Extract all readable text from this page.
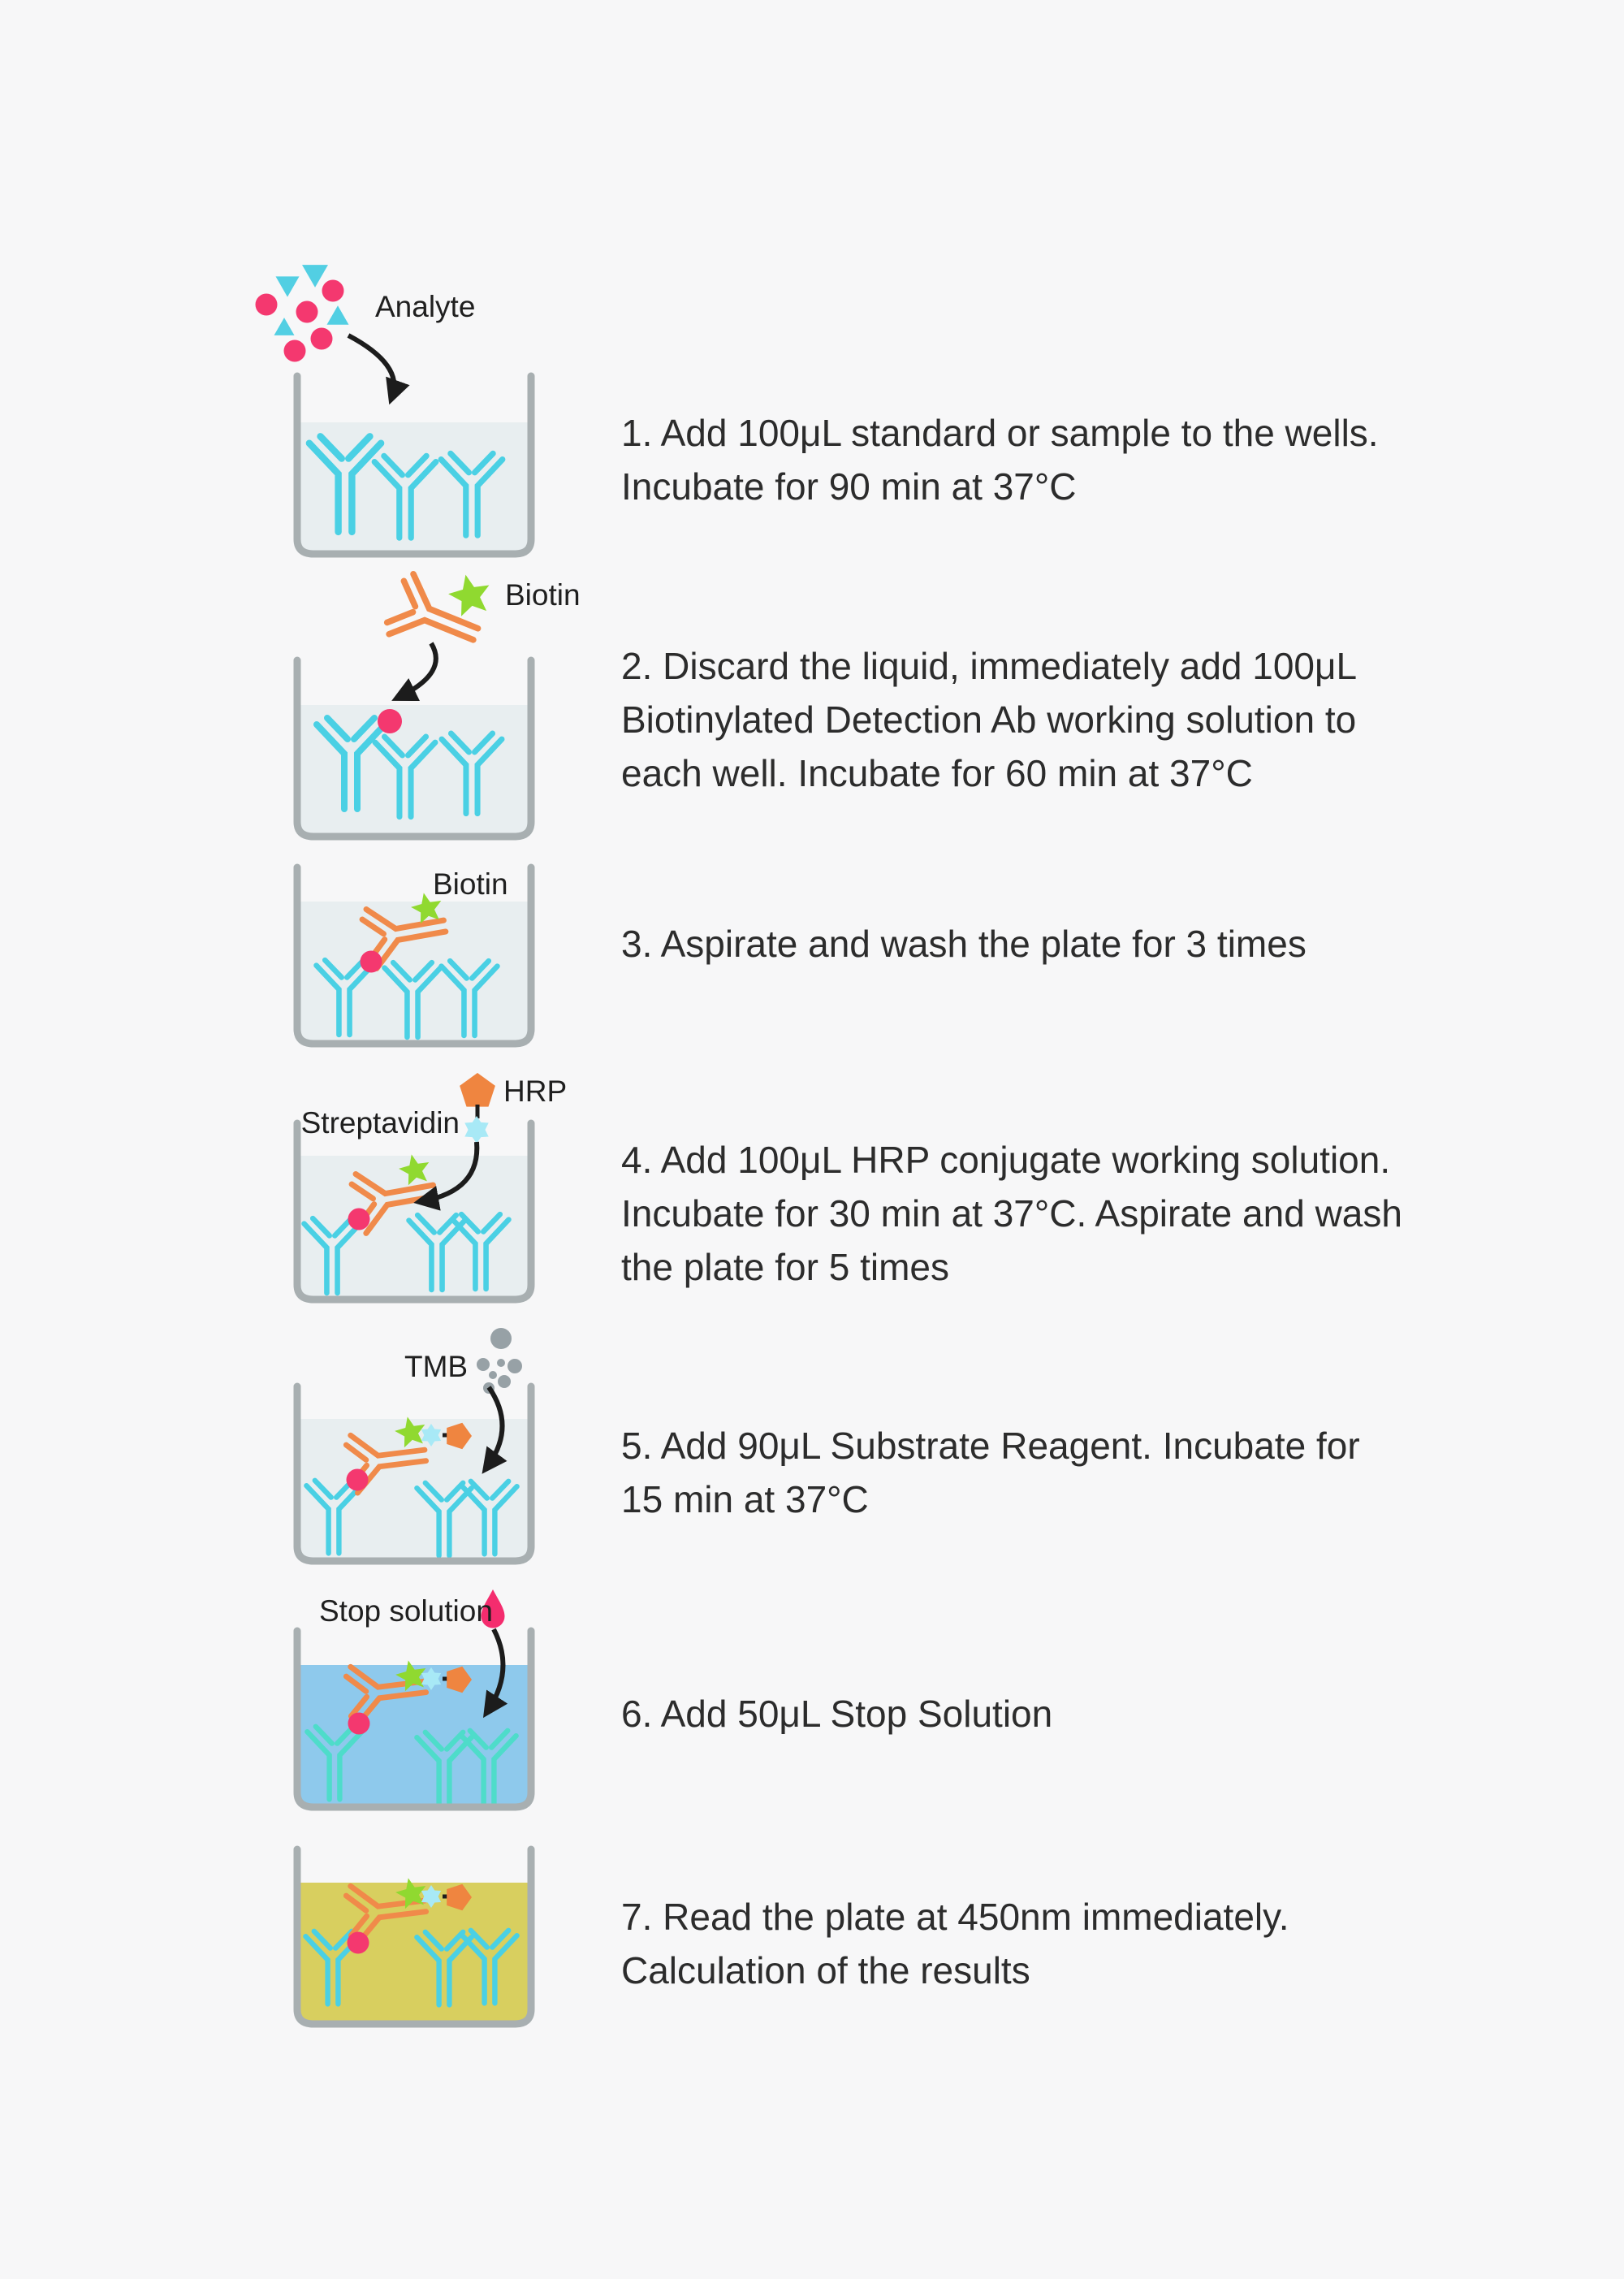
Analyte
Biotin
Biotin
Streptavidin
HRP
TMB
Stop solution
1. Add 100μL standard or sample to the wells.
Incubate for 90 min at 37°C
2. Discard the liquid, immediately add 100μL
Biotinylated Detection Ab working solution to
each well. Incubate for 60 min at 37°C
3. Aspirate and wash the plate for 3 times
4. Add 100μL HRP conjugate working solution.
Incubate for 30 min at 37°C. Aspirate and wash
the plate for 5 times
5. Add 90μL Substrate Reagent. Incubate for
15 min at 37°C
6. Add 50μL Stop Solution
7. Read the plate at 450nm immediately.
Calculation of the results
